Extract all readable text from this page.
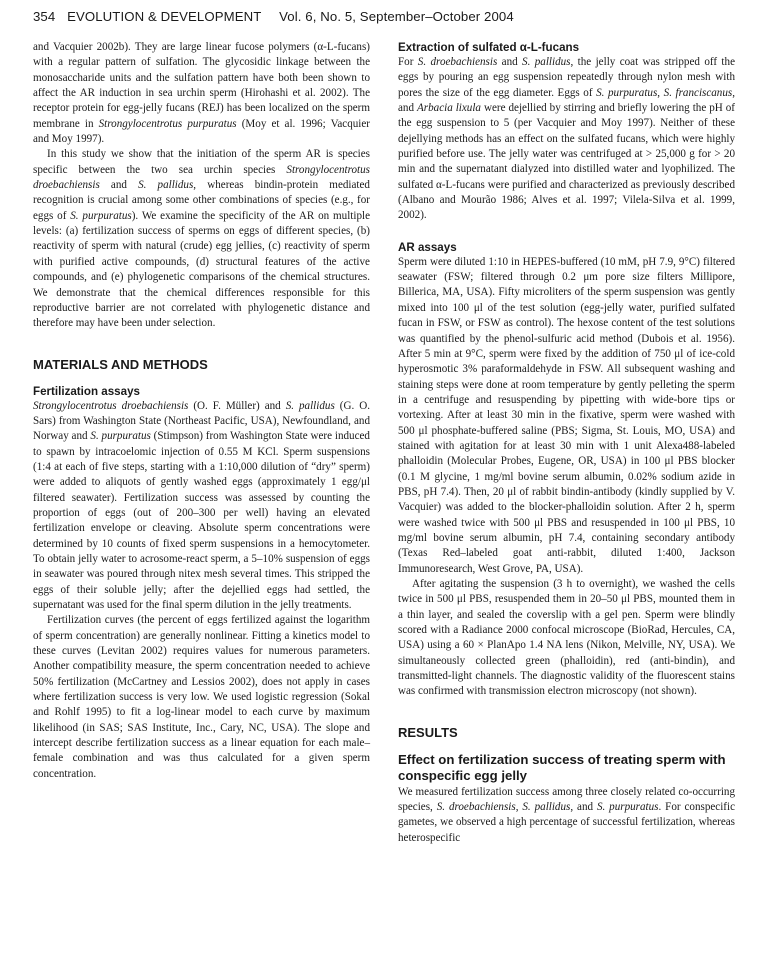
354 EVOLUTION & DEVELOPMENT Vol. 6, No. 5, September–October 2004

and Vacquier 2002b). They are large linear fucose polymers (α-L-fucans) with a regular pattern of sulfation. The glycosidic linkage between the monosaccharide units and the sulfation pattern have both been shown to affect the AR induction in sea urchin sperm (Hirohashi et al. 2002). The receptor protein for egg-jelly fucans (REJ) has been localized on the sperm membrane in Strongylocentrotus purpuratus (Moy et al. 1996; Vacquier and Moy 1997).

In this study we show that the initiation of the sperm AR is species specific between the two sea urchin species Strongylocentrotus droebachiensis and S. pallidus, whereas bindin-protein mediated recognition is crucial among some other combinations of species (e.g., for eggs of S. purpuratus). We examine the specificity of the AR on multiple levels: (a) fertilization success of sperms on eggs of different species, (b) reactivity of sperm with natural (crude) egg jellies, (c) reactivity of sperm with purified active compounds, (d) structural features of the active compounds, and (e) phylogenetic comparisons of the chemical structures. We demonstrate that the chemical differences responsible for this reproductive barrier are not correlated with phylogenetic distance and therefore may have been under selection.

MATERIALS AND METHODS
Fertilization assays

Strongylocentrotus droebachiensis (O. F. Müller) and S. pallidus (G. O. Sars) from Washington State (Northeast Pacific, USA), Newfoundland, and Norway and S. purpuratus (Stimpson) from Washington State were induced to spawn by intracoelomic injection of 0.55 M KCl. Sperm suspensions (1:4 at each of five steps, starting with a 1:10,000 dilution of “dry” sperm) were added to aliquots of gently washed eggs (approximately 1 egg/μl filtered seawater). Fertilization success was assessed by counting the proportion of eggs (out of 200–300 per well) having an elevated fertilization envelope or cleaving. Absolute sperm concentrations were determined by 10 counts of fixed sperm suspensions in a hemocytometer. To obtain jelly water to acrosome-react sperm, a 5–10% suspension of eggs in seawater was poured through nitex mesh several times. This stripped the eggs of their soluble jelly; after the dejellied eggs had settled, the supernatant was used for the final sperm dilution in the jelly treatments.

Fertilization curves (the percent of eggs fertilized against the logarithm of sperm concentration) are generally nonlinear. Fitting a kinetics model to these curves (Levitan 2002) requires values for numerous parameters. Another compatibility measure, the sperm concentration needed to achieve 50% fertilization (McCartney and Lessios 2002), does not apply in cases where fertilization success is very low. We used logistic regression (Sokal and Rohlf 1995) to fit a log-linear model to each curve by maximum likelihood (in SAS; SAS Institute, Inc., Cary, NC, USA). The slope and intercept describe fertilization success as a linear equation for each male–female combination and was thus calculated for a given sperm concentration.

Extraction of sulfated α-L-fucans

For S. droebachiensis and S. pallidus, the jelly coat was stripped off the eggs by pouring an egg suspension repeatedly through nylon mesh with pores the size of the egg diameter. Eggs of S. purpuratus, S. franciscanus, and Arbacia lixula were dejellied by stirring and briefly lowering the pH of the egg suspension to 5 (per Vacquier and Moy 1997). Neither of these dejellying methods has an effect on the sulfated fucans, which were highly purified before use. The jelly water was centrifuged at > 25,000 g for > 20 min and the supernatant dialyzed into distilled water and lyophilized. The sulfated α-L-fucans were purified and characterized as previously described (Albano and Mourão 1986; Alves et al. 1997; Vilela-Silva et al. 1999, 2002).

AR assays

Sperm were diluted 1:10 in HEPES-buffered (10 mM, pH 7.9, 9°C) filtered seawater (FSW; filtered through 0.2 μm pore size filters Millipore, Billerica, MA, USA). Fifty microliters of the sperm suspension was gently mixed into 100 μl of the test solution (egg-jelly water, purified sulfated fucan in FSW, or FSW as control). The hexose content of the test solutions was quantified by the phenol-sulfuric acid method (Dubois et al. 1956). After 5 min at 9°C, sperm were fixed by the addition of 750 μl of ice-cold hyperosmotic 3% paraformaldehyde in FSW. All subsequent washing and staining steps were done at room temperature by gently pelleting the sperm in a centrifuge and resuspending by pipetting with wide-bore tips or vortexing. After at least 30 min in the fixative, sperm were washed with 500 μl phosphate-buffered saline (PBS; Sigma, St. Louis, MO, USA) and stained with agitation for at least 30 min with 1 unit Alexa488-labeled phalloidin (Molecular Probes, Eugene, OR, USA) in 100 μl PBS blocker (0.1 M glycine, 1 mg/ml bovine serum albumin, 0.02% sodium azide in PBS, pH 7.4). Then, 20 μl of rabbit bindin-antibody (kindly supplied by V. Vacquier) was added to the blocker-phalloidin solution. After 2 h, sperm were washed twice with 500 μl PBS and resuspended in 100 μl PBS, 10 mg/ml bovine serum albumin, pH 7.4, containing secondary antibody (Texas Red–labeled goat anti-rabbit, diluted 1:400, Jackson Immunoresearch, West Grove, PA, USA).

After agitating the suspension (3 h to overnight), we washed the cells twice in 500 μl PBS, resuspended them in 20–50 μl PBS, mounted them in a thin layer, and sealed the coverslip with a gel pen. Sperm were blindly scored with a Radiance 2000 confocal microscope (BioRad, Hercules, CA, USA) using a 60 × PlanApo 1.4 NA lens (Nikon, Melville, NY, USA). We simultaneously collected green (phalloidin), red (anti-bindin), and transmitted-light channels. The diagnostic validity of the fluorescent stains was confirmed with transmission electron microscopy (not shown).

RESULTS
Effect on fertilization success of treating sperm with conspecific egg jelly

We measured fertilization success among three closely related co-occurring species, S. droebachiensis, S. pallidus, and S. purpuratus. For conspecific gametes, we observed a high percentage of successful fertilization, whereas heterospecific
